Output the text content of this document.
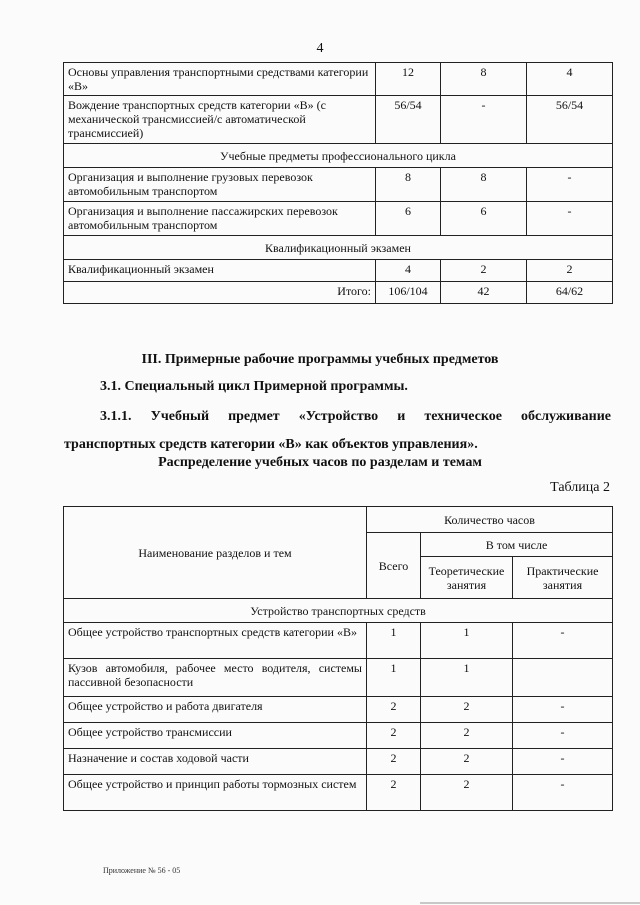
4
Основы управления транспортными средствами категории «B»	12	8	4
Вождение транспортных средств категории «B» (с механической трансмиссией/с автоматической трансмиссией)	56/54	-	56/54
Учебные предметы профессионального цикла			
Организация и выполнение грузовых перевозок автомобильным транспортом	8	8	-
Организация и выполнение пассажирских перевозок автомобильным транспортом	6	6	-
Квалификационный экзамен			
Квалификационный экзамен	4	2	2
Итого:	106/104	42	64/62
III. Примерные рабочие программы учебных предметов
3.1. Специальный цикл Примерной программы.
3.1.1. Учебный предмет «Устройство и техническое обслуживание транспортных средств категории «B» как объектов управления».
Распределение учебных часов по разделам и темам
Таблица 2
Наименование разделов и тем	Количество часов		
	Всего	В том числе	
		Теоретические занятия	Практические занятия
Устройство транспортных средств			
Общее устройство транспортных средств категории «B»	1	1	-
Кузов автомобиля, рабочее место водителя, системы пассивной безопасности	1	1	
Общее устройство и работа двигателя	2	2	-
Общее устройство трансмиссии	2	2	-
Назначение и состав ходовой части	2	2	-
Общее устройство и принцип работы тормозных систем	2	2	-
Приложение № 56 - 05
